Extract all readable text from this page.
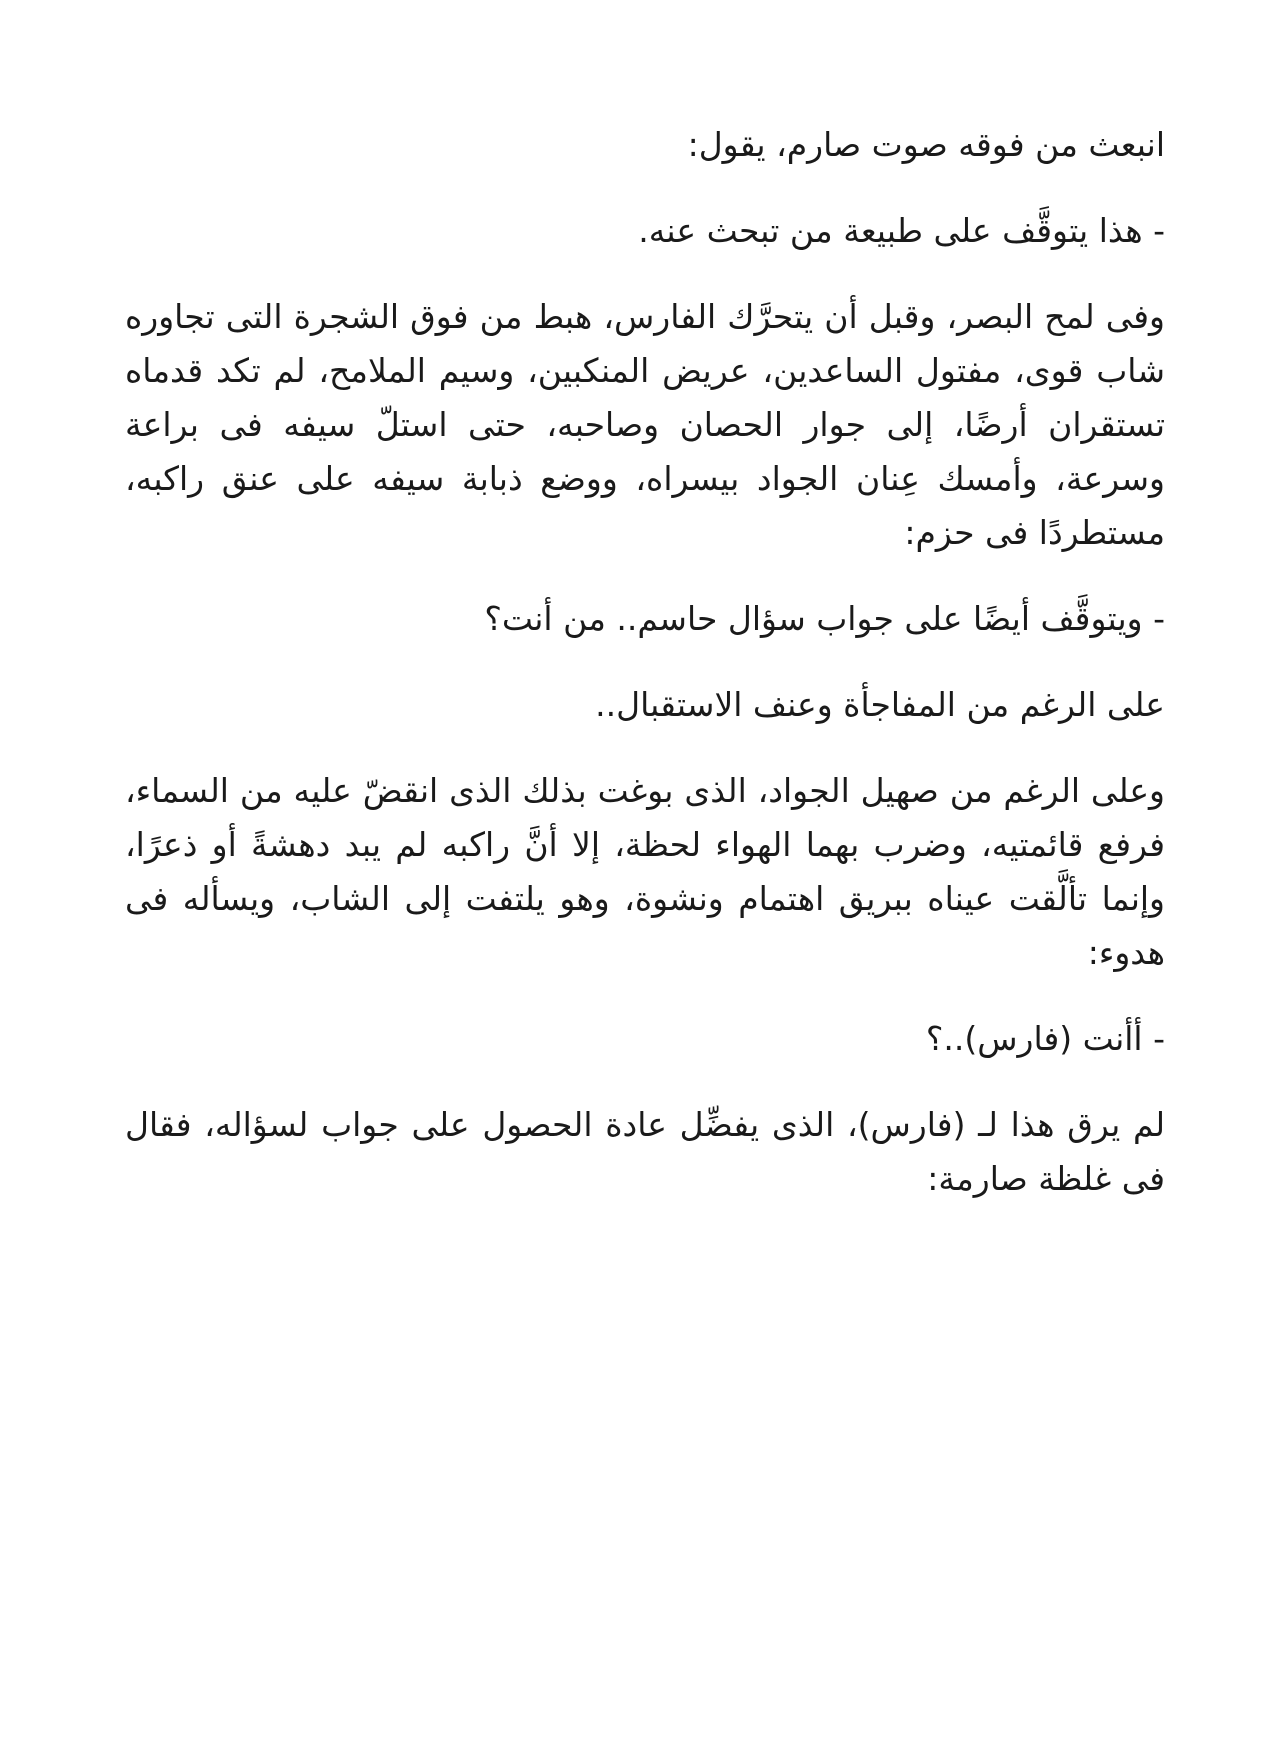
انبعث من فوقه صوت صارم، يقول:

- هذا يتوقَّف على طبيعة من تبحث عنه.

وفى لمح البصر، وقبل أن يتحرَّك الفارس، هبط من فوق الشجرة التى تجاوره شاب قوى، مفتول الساعدين، عريض المنكبين، وسيم الملامح، لم تكد قدماه تستقران أرضًا، إلى جوار الحصان وصاحبه، حتى استلّ سيفه فى براعة وسرعة، وأمسك عِنان الجواد بيسراه، ووضع ذبابة سيفه على عنق راكبه، مستطردًا فى حزم:

- ويتوقَّف أيضًا على جواب سؤال حاسم.. من أنت؟

على الرغم من المفاجأة وعنف الاستقبال..

وعلى الرغم من صهيل الجواد، الذى بوغت بذلك الذى انقضّ عليه من السماء، فرفع قائمتيه، وضرب بهما الهواء لحظة، إلا أنَّ راكبه لم يبد دهشةً أو ذعرًا، وإنما تألَّقت عيناه ببريق اهتمام ونشوة، وهو يلتفت إلى الشاب، ويسأله فى هدوء:

- أأنت (فارس)..؟

لم يرق هذا لـ (فارس)، الذى يفضِّل عادة الحصول على جواب لسؤاله، فقال فى غلظة صارمة:
